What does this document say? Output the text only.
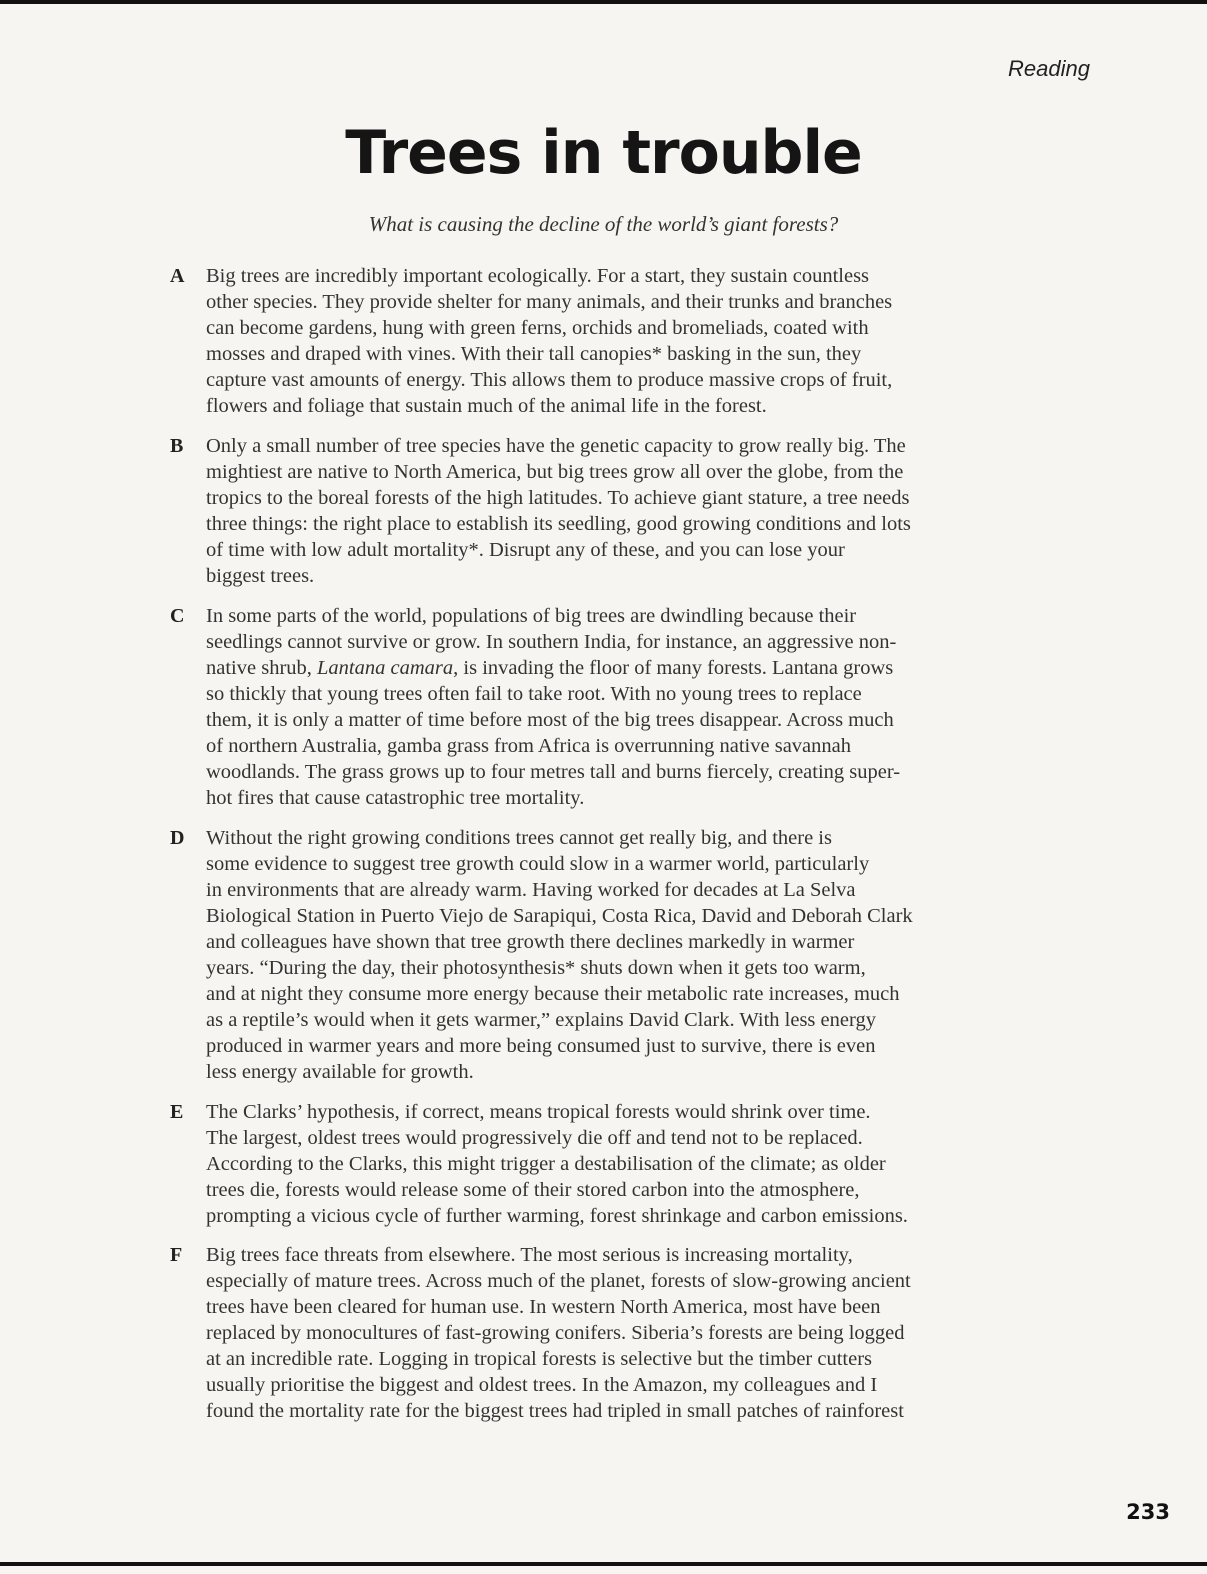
Reading
Trees in trouble
What is causing the decline of the world’s giant forests?
A	Big trees are incredibly important ecologically. For a start, they sustain countless
other species. They provide shelter for many animals, and their trunks and branches
can become gardens, hung with green ferns, orchids and bromeliads, coated with
mosses and draped with vines. With their tall canopies* basking in the sun, they
capture vast amounts of energy. This allows them to produce massive crops of fruit,
flowers and foliage that sustain much of the animal life in the forest.
B	Only a small number of tree species have the genetic capacity to grow really big. The
mightiest are native to North America, but big trees grow all over the globe, from the
tropics to the boreal forests of the high latitudes. To achieve giant stature, a tree needs
three things: the right place to establish its seedling, good growing conditions and lots
of time with low adult mortality*. Disrupt any of these, and you can lose your
biggest trees.
C	In some parts of the world, populations of big trees are dwindling because their
seedlings cannot survive or grow. In southern India, for instance, an aggressive non-
native shrub, Lantana camara, is invading the floor of many forests. Lantana grows
so thickly that young trees often fail to take root. With no young trees to replace
them, it is only a matter of time before most of the big trees disappear. Across much
of northern Australia, gamba grass from Africa is overrunning native savannah
woodlands. The grass grows up to four metres tall and burns fiercely, creating super-
hot fires that cause catastrophic tree mortality.
D	Without the right growing conditions trees cannot get really big, and there is
some evidence to suggest tree growth could slow in a warmer world, particularly
in environments that are already warm. Having worked for decades at La Selva
Biological Station in Puerto Viejo de Sarapiqui, Costa Rica, David and Deborah Clark
and colleagues have shown that tree growth there declines markedly in warmer
years. “During the day, their photosynthesis* shuts down when it gets too warm,
and at night they consume more energy because their metabolic rate increases, much
as a reptile’s would when it gets warmer,” explains David Clark. With less energy
produced in warmer years and more being consumed just to survive, there is even
less energy available for growth.
E	The Clarks’ hypothesis, if correct, means tropical forests would shrink over time.
The largest, oldest trees would progressively die off and tend not to be replaced.
According to the Clarks, this might trigger a destabilisation of the climate; as older
trees die, forests would release some of their stored carbon into the atmosphere,
prompting a vicious cycle of further warming, forest shrinkage and carbon emissions.
F	Big trees face threats from elsewhere. The most serious is increasing mortality,
especially of mature trees. Across much of the planet, forests of slow-growing ancient
trees have been cleared for human use. In western North America, most have been
replaced by monocultures of fast-growing conifers. Siberia’s forests are being logged
at an incredible rate. Logging in tropical forests is selective but the timber cutters
usually prioritise the biggest and oldest trees. In the Amazon, my colleagues and I
found the mortality rate for the biggest trees had tripled in small patches of rainforest
233
